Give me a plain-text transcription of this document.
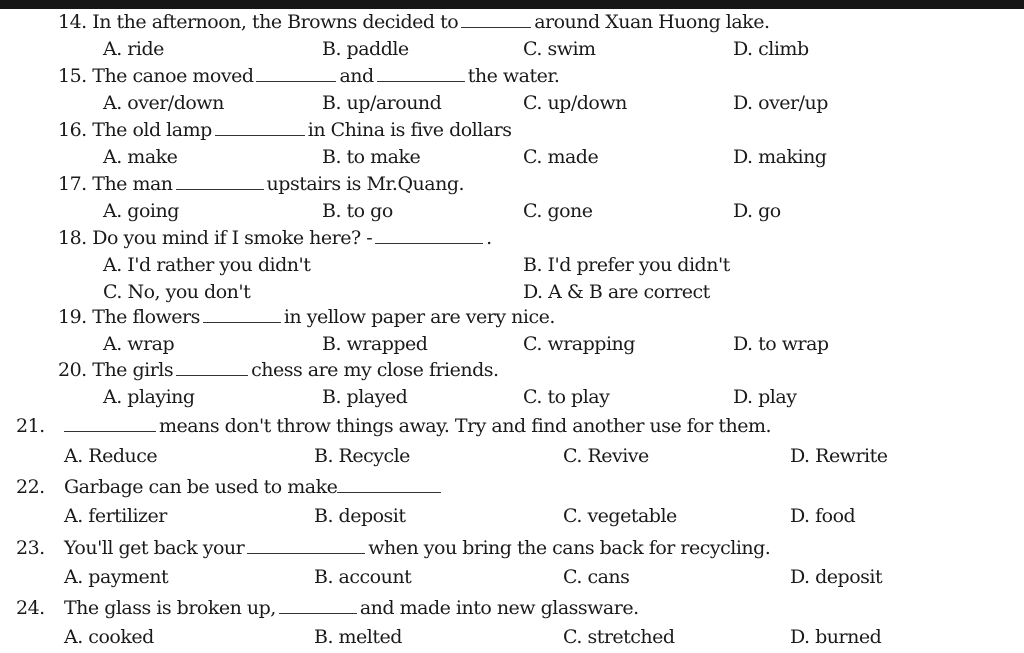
14. In the afternoon, the Browns decided to	around Xuan Huong lake.
A. ride	B. paddle	C. swim	D. climb
15. The canoe moved	and	the water.
A. over/down	B. up/around	C. up/down	D. over/up
16. The old lamp	in China is five dollars
A. make	B. to make	C. made	D. making
17. The man	upstairs is Mr.Quang.
A. going	B. to go	C. gone	D. go
18. Do you mind if I smoke here? -	.
A. I'd rather you didn't	B. I'd prefer you didn't
C. No, you don't	D. A & B are correct
19. The flowers	in yellow paper are very nice.
A. wrap	B. wrapped	C. wrapping	D. to wrap
20. The girls	chess are my close friends.
A. playing	B. played	C. to play	D. play
21.	means don't throw things away. Try and find another use for them.
A. Reduce	B. Recycle	C. Revive	D. Rewrite
22. Garbage can be used to make
A. fertilizer	B. deposit	C. vegetable	D. food
23. You'll get back your	when you bring the cans back for recycling.
A. payment	B. account	C. cans	D. deposit
24. The glass is broken up,	and made into new glassware.
A. cooked	B. melted	C. stretched	D. burned
